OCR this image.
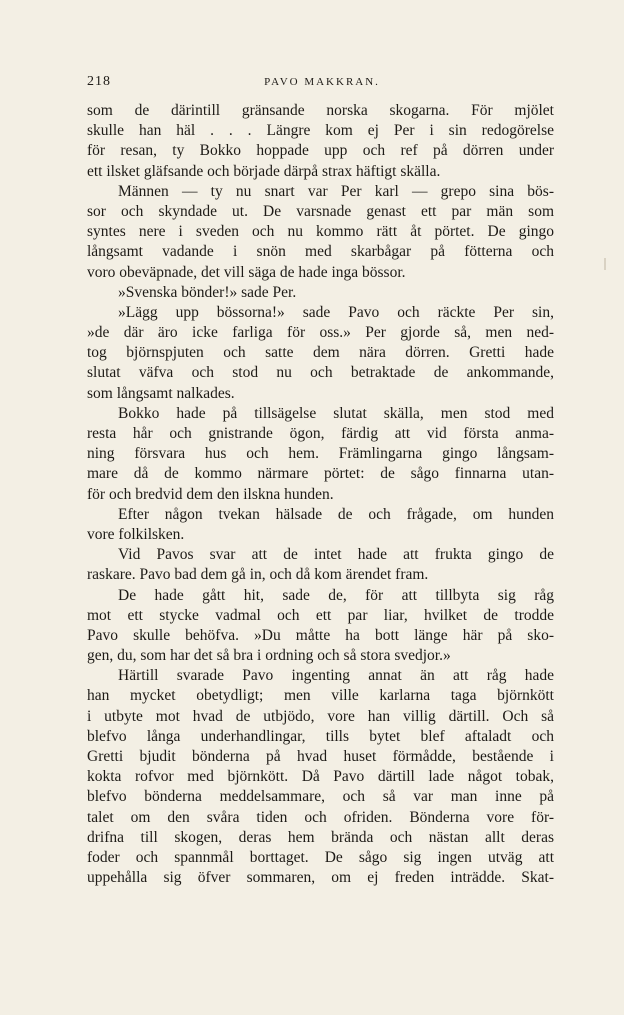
218	PAVO MAKKRAN.
som de därintill gränsande norska skogarna. För mjölet
skulle han häl . . . Längre kom ej Per i sin redogörelse
för resan, ty Bokko hoppade upp och ref på dörren under
ett ilsket gläfsande och började därpå strax häftigt skälla.
Männen — ty nu snart var Per karl — grepo sina bös-
sor och skyndade ut. De varsnade genast ett par män som
syntes nere i sveden och nu kommo rätt åt pörtet. De gingo
långsamt vadande i snön med skarbågar på fötterna och
voro obeväpnade, det vill säga de hade inga bössor.
»Svenska bönder!» sade Per.
»Lägg upp bössorna!» sade Pavo och räckte Per sin,
»de där äro icke farliga för oss.» Per gjorde så, men ned-
tog björnspjuten och satte dem nära dörren. Gretti hade
slutat väfva och stod nu och betraktade de ankommande,
som långsamt nalkades.
Bokko hade på tillsägelse slutat skälla, men stod med
resta hår och gnistrande ögon, färdig att vid första anma-
ning försvara hus och hem. Främlingarna gingo långsam-
mare då de kommo närmare pörtet: de sågo finnarna utan-
för och bredvid dem den ilskna hunden.
Efter någon tvekan hälsade de och frågade, om hunden
vore folkilsken.
Vid Pavos svar att de intet hade att frukta gingo de
raskare. Pavo bad dem gå in, och då kom ärendet fram.
De hade gått hit, sade de, för att tillbyta sig råg
mot ett stycke vadmal och ett par liar, hvilket de trodde
Pavo skulle behöfva. »Du måtte ha bott länge här på sko-
gen, du, som har det så bra i ordning och så stora svedjor.»
Härtill svarade Pavo ingenting annat än att råg hade
han mycket obetydligt; men ville karlarna taga björnkött
i utbyte mot hvad de utbjödo, vore han villig därtill. Och så
blefvo långa underhandlingar, tills bytet blef aftaladt och
Gretti bjudit bönderna på hvad huset förmådde, bestående i
kokta rofvor med björnkött. Då Pavo därtill lade något tobak,
blefvo bönderna meddelsammare, och så var man inne på
talet om den svåra tiden och ofriden. Bönderna vore för-
drifna till skogen, deras hem brända och nästan allt deras
foder och spannmål borttaget. De sågo sig ingen utväg att
uppehålla sig öfver sommaren, om ej freden inträdde. Skat-
